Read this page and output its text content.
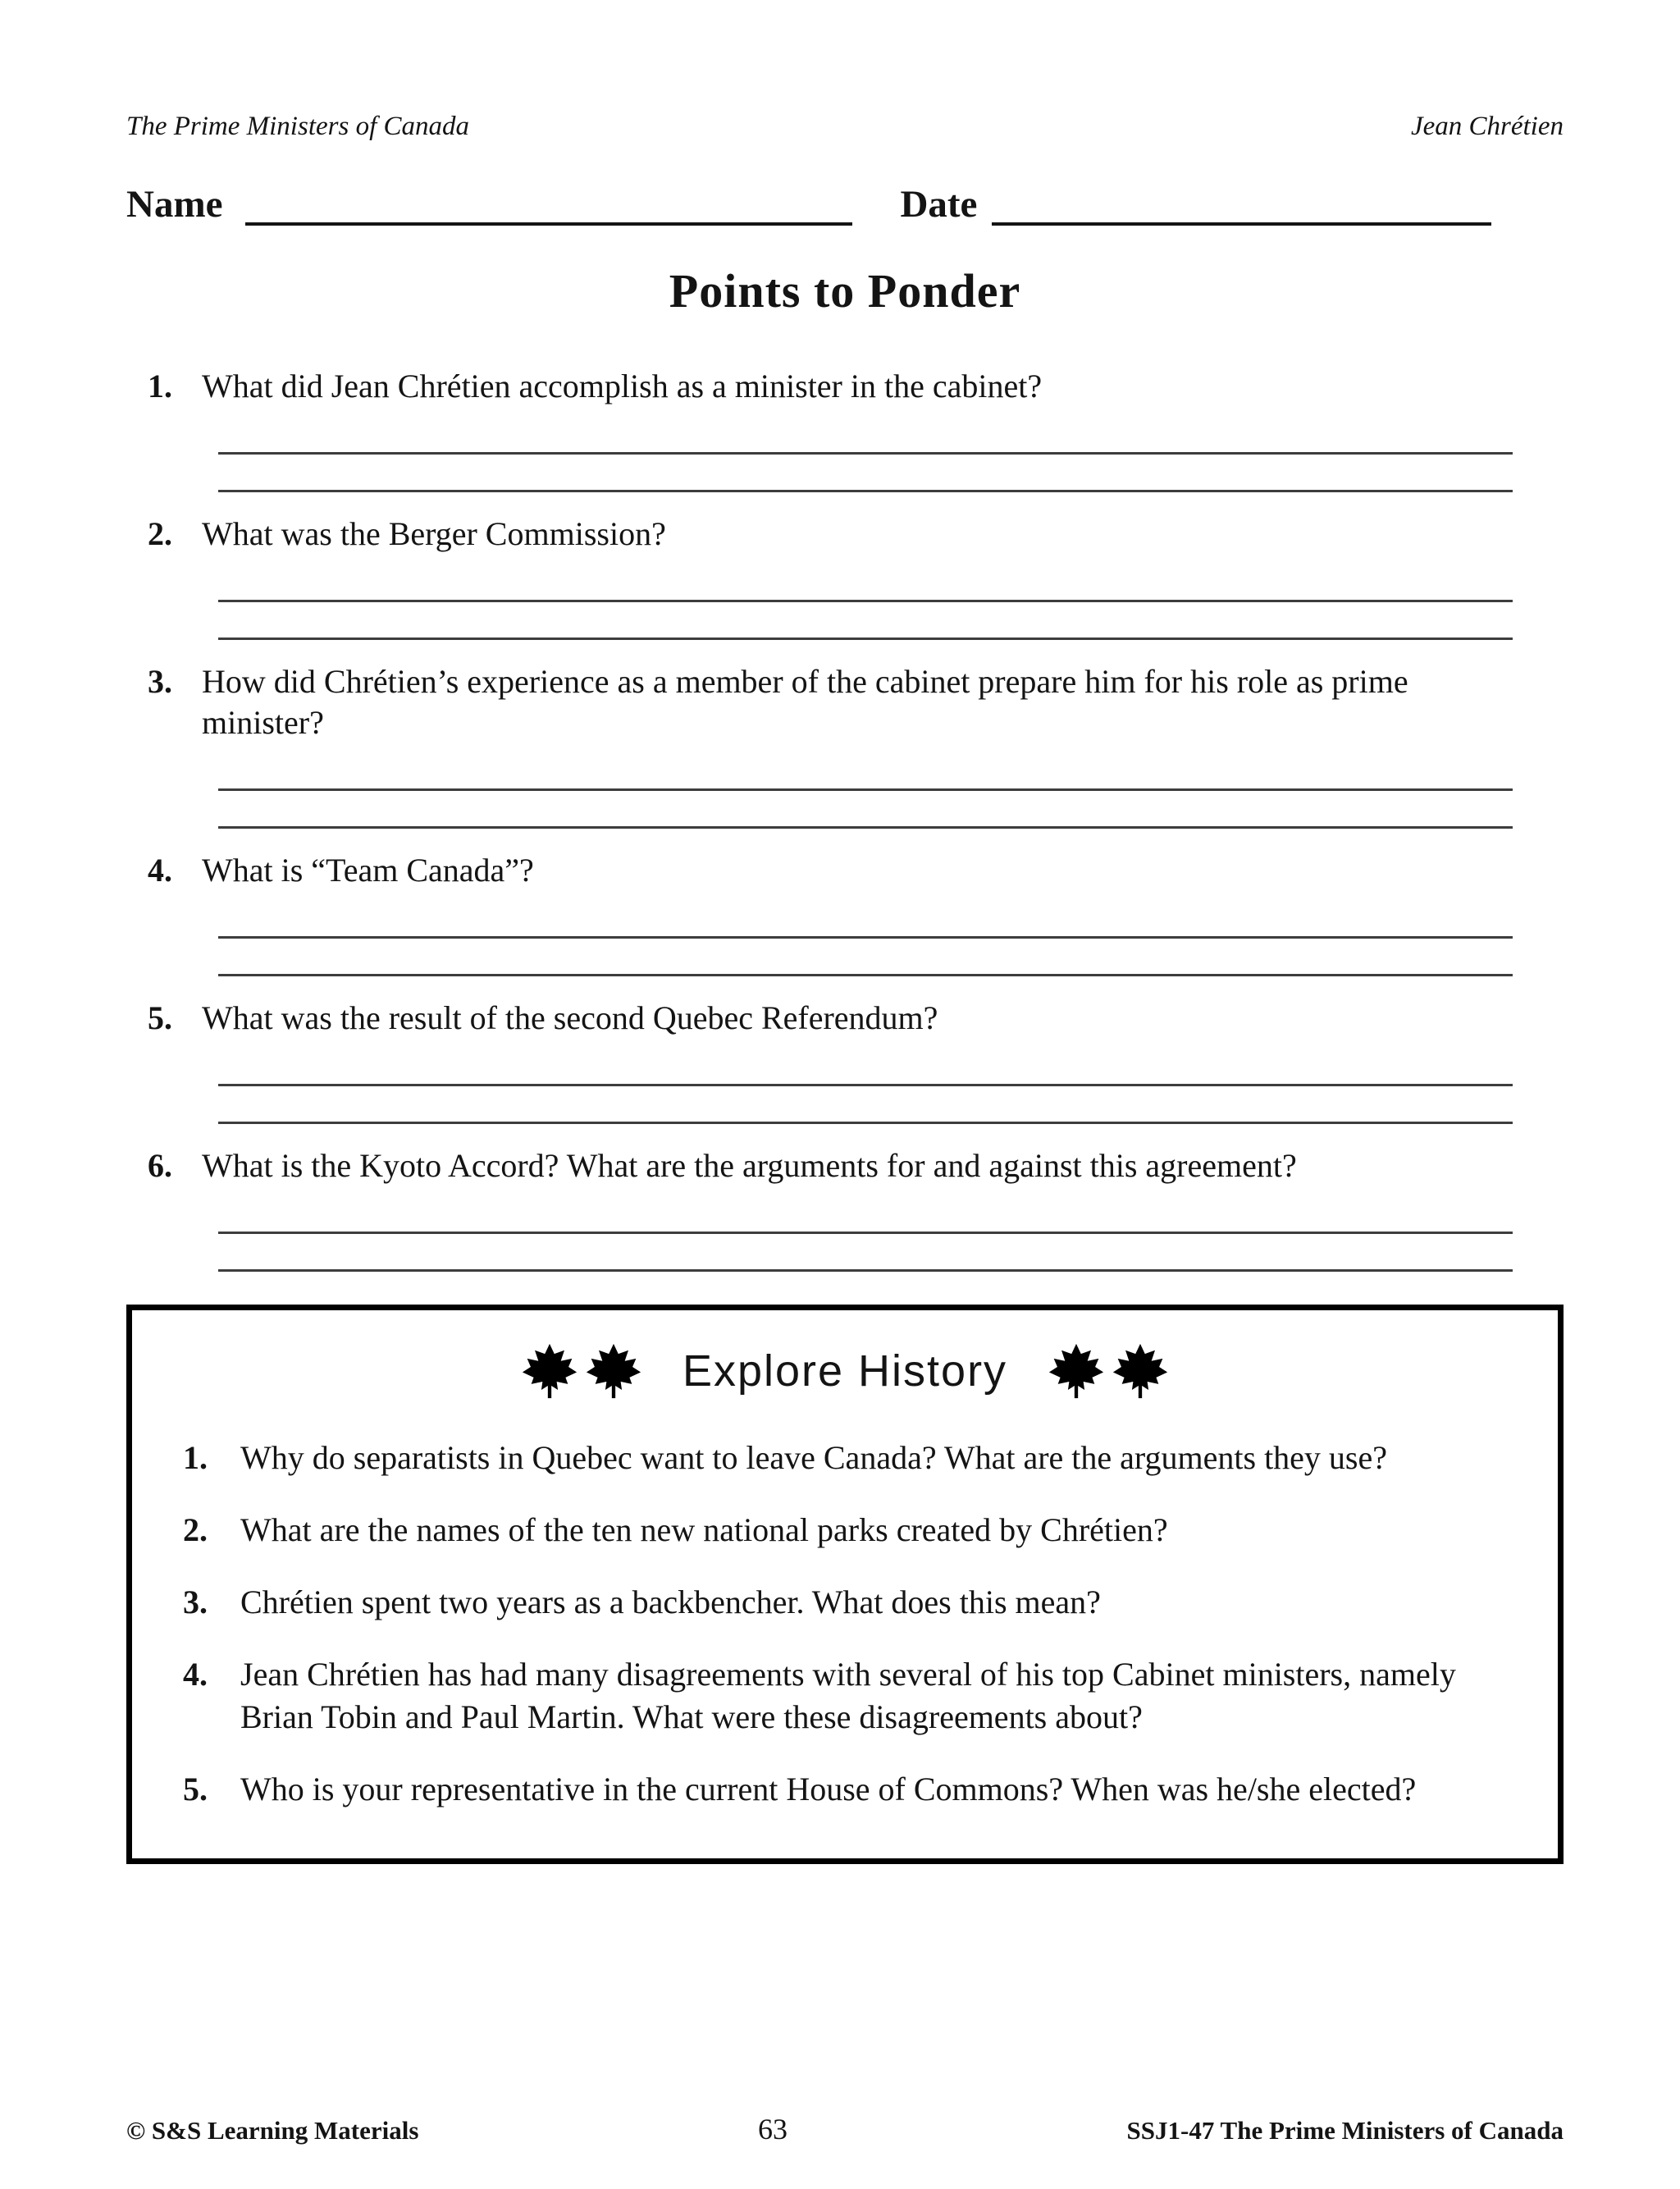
The Prime Ministers of Canada	Jean Chrétien
Name	Date
Points to Ponder
1. What did Jean Chrétien accomplish as a minister in the cabinet?
2. What was the Berger Commission?
3. How did Chrétien’s experience as a member of the cabinet prepare him for his role as prime minister?
4. What is “Team Canada”?
5. What was the result of the second Quebec Referendum?
6. What is the Kyoto Accord? What are the arguments for and against this agreement?
Explore History
1.	Why do separatists in Quebec want to leave Canada? What are the arguments they use?
2.	What are the names of the ten new national parks created by Chrétien?
3.	Chrétien spent two years as a backbencher. What does this mean?
4.	Jean Chrétien has had many disagreements with several of his top Cabinet ministers, namely Brian Tobin and Paul Martin. What were these disagreements about?
5.	Who is your representative in the current House of Commons? When was he/she elected?
© S&S Learning Materials	63	SSJ1-47 The Prime Ministers of Canada
